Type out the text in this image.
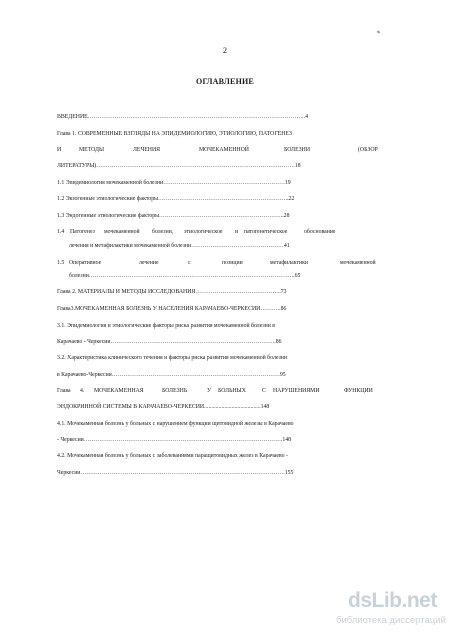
2
ОГЛАВЛЕНИЕ
ВВЕДЕНИЕ…………………………………………………………………………………………………..4
Глава 1. СОВРЕМЕННЫЕ ВЗГЛЯДЫ НА ЭПИДЕМИОЛОГИЮ, ЭТИОЛОГИЮ, ПАТОГЕНЕЗ
И	МЕТОДЫ	ЛЕЧЕНИЯ	МОЧЕКАМЕННОЙ	БОЛЕЗНИ	(ОБЗОР
ЛИТЕРАТУРЫ)………………………………………………………………………………………….18
1.1 Эпидемиология мочекаменной болезни………………………………………………………19
1.2 Экзогенные этиологические факторы…………………………………………………………..22
1.3 Эндогенные этиологические факторы………………………………………………………..28
1.4 Патогенез мочекаменной болезни, этиологическое и патогенетическое	обоснование
лечения и метафилактики мочекаменной болезни…………………………………………41
1.5 Оперативное	лечение	с	позиции	метафилактики	мочекаменной
болезни……………………………………………………………………………………………..65
Глава 2. МАТЕРИАЛЫ И МЕТОДЫ ИССЛЕДОВАНИЯ……………………………………...73
Глава3.МОЧЕКАМЕННАЯ БОЛЕЗНЬ У НАСЕЛЕНИЯ КАРАЧАЕВО-ЧЕРКЕСИИ………..86
3.1. Эпидемиология и этиологические факторы риска развития мочекаменной болезни в
Карачаево - Черкесии…………………………………………………………………………..86
3.2. Характеристика клинического течения и факторы риска развития мочекаменной болезни
в Карачаево-Черкесии……………………………………………………………………………95
Глава 4. МОЧЕКАМЕННАЯ	БОЛЕЗНЬ	У БОЛЬНЫХ	С НАРУШЕНИЯМИ	ФУНКЦИИ
ЭНДОКРИННОЙ СИСТЕМЫ В КАРАЧАЕВО-ЧЕРКЕСИИ.......................................148
4.1. Мочекаменная болезнь у больных с нарушением функции щитовидной железы в Карачаево
- Черкесии………………………………………………………………………………………….148
4.2. Мочекаменная болезнь у больных с заболеваниями паращитовидных желез в Карачаево -
Черкесии…………………………………………………………………………………………….155
dsLib.net
библиотека диссертаций
